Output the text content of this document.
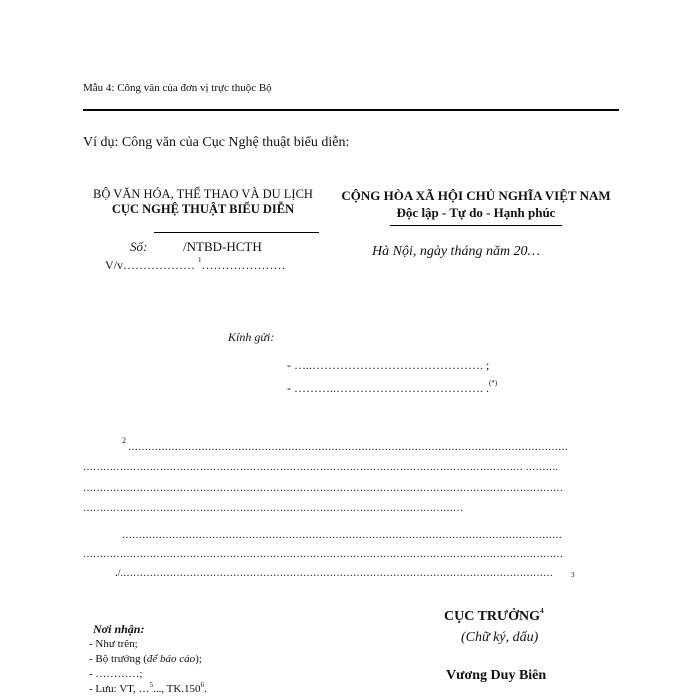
Mẫu 4: Công văn của đơn vị trực thuộc Bộ
Ví dụ: Công văn của Cục Nghệ thuật biểu diễn:
BỘ VĂN HÓA, THỂ THAO VÀ DU LỊCH
CỤC NGHỆ THUẬT BIỂU DIỄN
Số:	/NTBD-HCTH
V/v……………… $^1$…………………
CỘNG HÒA XÃ HỘI CHỦ NGHĨA VIỆT NAM
Độc lập - Tự do - Hạnh phúc
Hà Nội, ngày tháng năm 20…
Kính gửi:
- …..……………………………………. ;
- ………..………………………………. .(*)
2
……………………………………………………………………………………………………………………
…………………………………………………………………………………………………………………… ……….
………………………………………………………………………………………………………………………………
……………………………………………………………………………………………………
……………………………………………………………………………………………………………………
………………………………………………………………………………………………………………………………
…………………………………………………………………………………………………………………./.	3
Nơi nhận:
- Như trên;
- Bộ trưởng (để báo cáo);
- …………;
- Lưu: VT, …$^5$..., TK.150$^6$.
CỤC TRƯỞNG$^4$
(Chữ ký, dấu)
Vương Duy Biên
